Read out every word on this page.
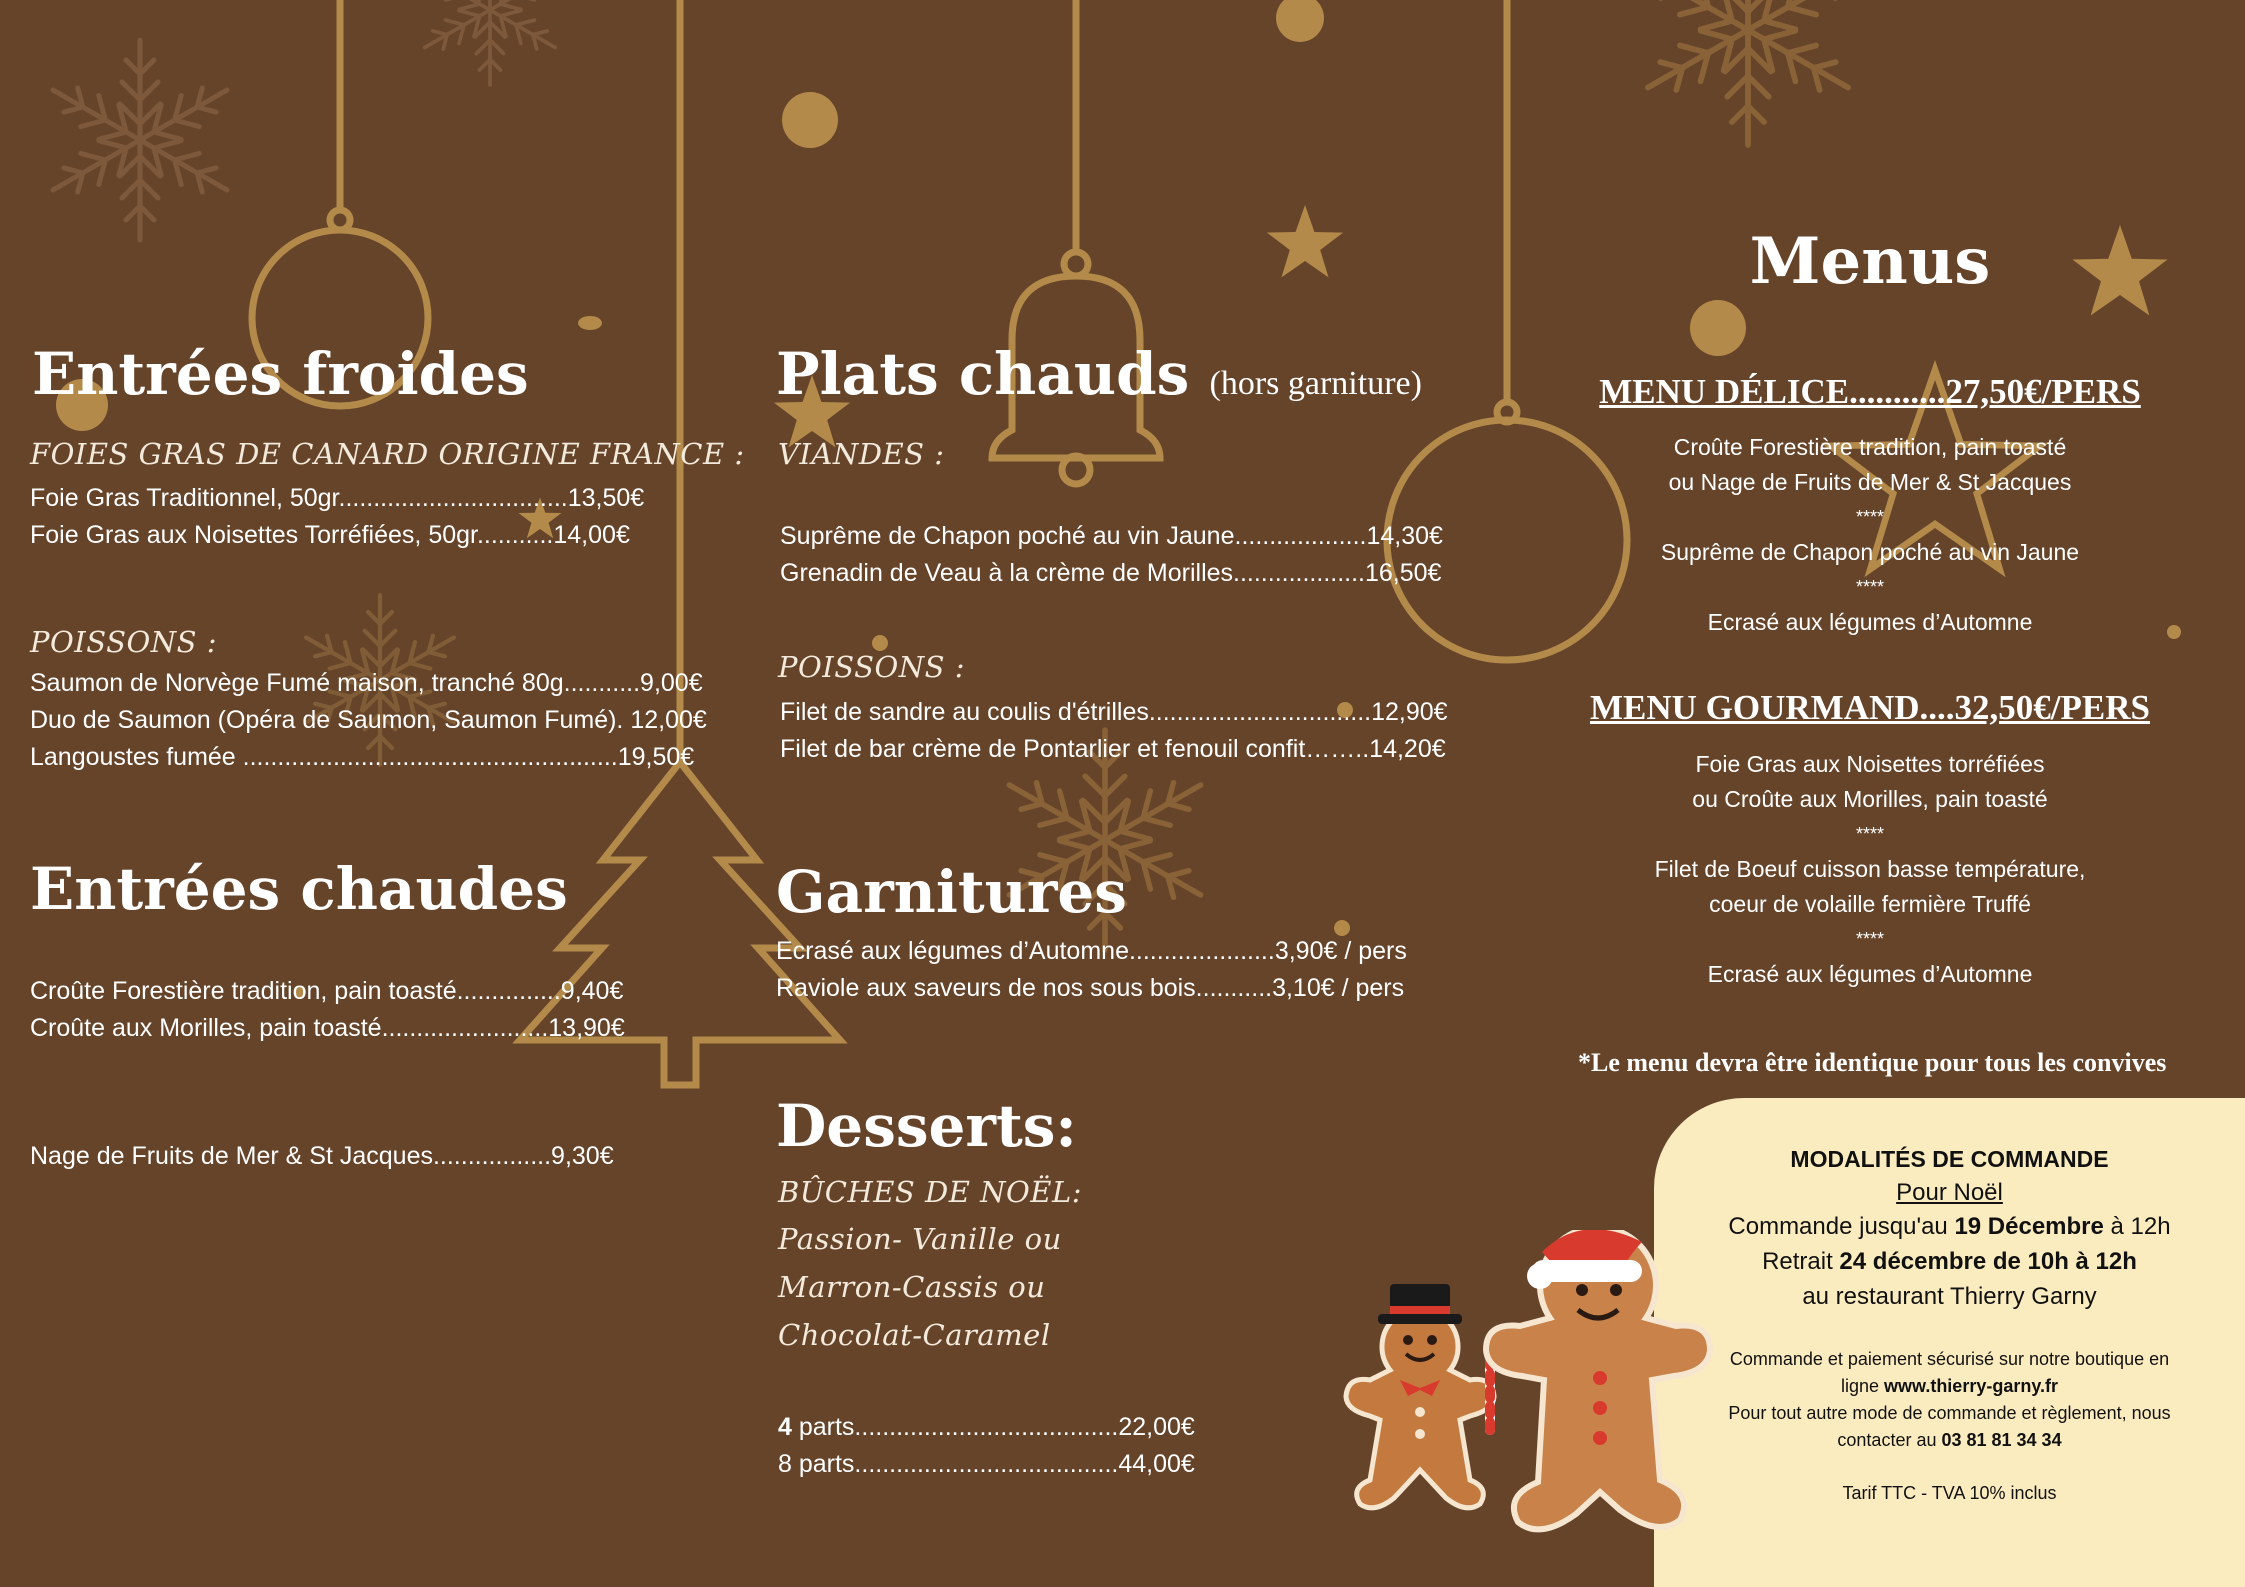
Entrées froides
FOIES GRAS DE CANARD ORIGINE FRANCE :
Foie Gras Traditionnel, 50gr.................................13,50€
Foie Gras aux Noisettes Torréfiées, 50gr...........14,00€
POISSONS :
Saumon de Norvège Fumé maison, tranché 80g...........9,00€
Duo de Saumon (Opéra de Saumon, Saumon Fumé). 12,00€
Langoustes fumée ......................................................19,50€
Entrées chaudes
Croûte Forestière tradition, pain toasté...............9,40€
Croûte aux Morilles, pain toasté........................13,90€
Nage de Fruits de Mer & St Jacques.................9,30€
Plats chauds (hors garniture)
VIANDES :
Suprême de Chapon poché au vin Jaune...................14,30€
Grenadin de Veau à la crème de Morilles...................16,50€
POISSONS :
Filet de sandre au coulis d'étrilles................................12,90€
Filet de bar crème de Pontarlier et fenouil confit……..14,20€
Garnitures
Ecrasé aux légumes d’Automne.....................3,90€ / pers
Raviole aux saveurs de nos sous bois...........3,10€ / pers
Desserts:
BÛCHES DE NOËL:
Passion- Vanille ou
Marron-Cassis ou
Chocolat-Caramel
4 parts......................................22,00€
8 parts......................................44,00€
Menus
MENU DÉLICE...........27,50€/PERS
Croûte Forestière tradition, pain toasté
ou Nage de Fruits de Mer & St Jacques
****
Suprême de Chapon poché au vin Jaune
****
Ecrasé aux légumes d’Automne
MENU GOURMAND....32,50€/PERS
Foie Gras aux Noisettes torréfiées
ou Croûte aux Morilles, pain toasté
****
Filet de Boeuf cuisson basse température,
coeur de volaille fermière Truffé
****
Ecrasé aux légumes d’Automne
*Le menu devra être identique pour tous les convives
MODALITÉS DE COMMANDE
Pour Noël
Commande jusqu'au 19 Décembre à 12h
Retrait 24 décembre de 10h à 12h
au restaurant Thierry Garny
Commande et paiement sécurisé sur notre boutique en
ligne www.thierry-garny.fr
Pour tout autre mode de commande et règlement, nous
contacter au 03 81 81 34 34
Tarif TTC - TVA 10% inclus
